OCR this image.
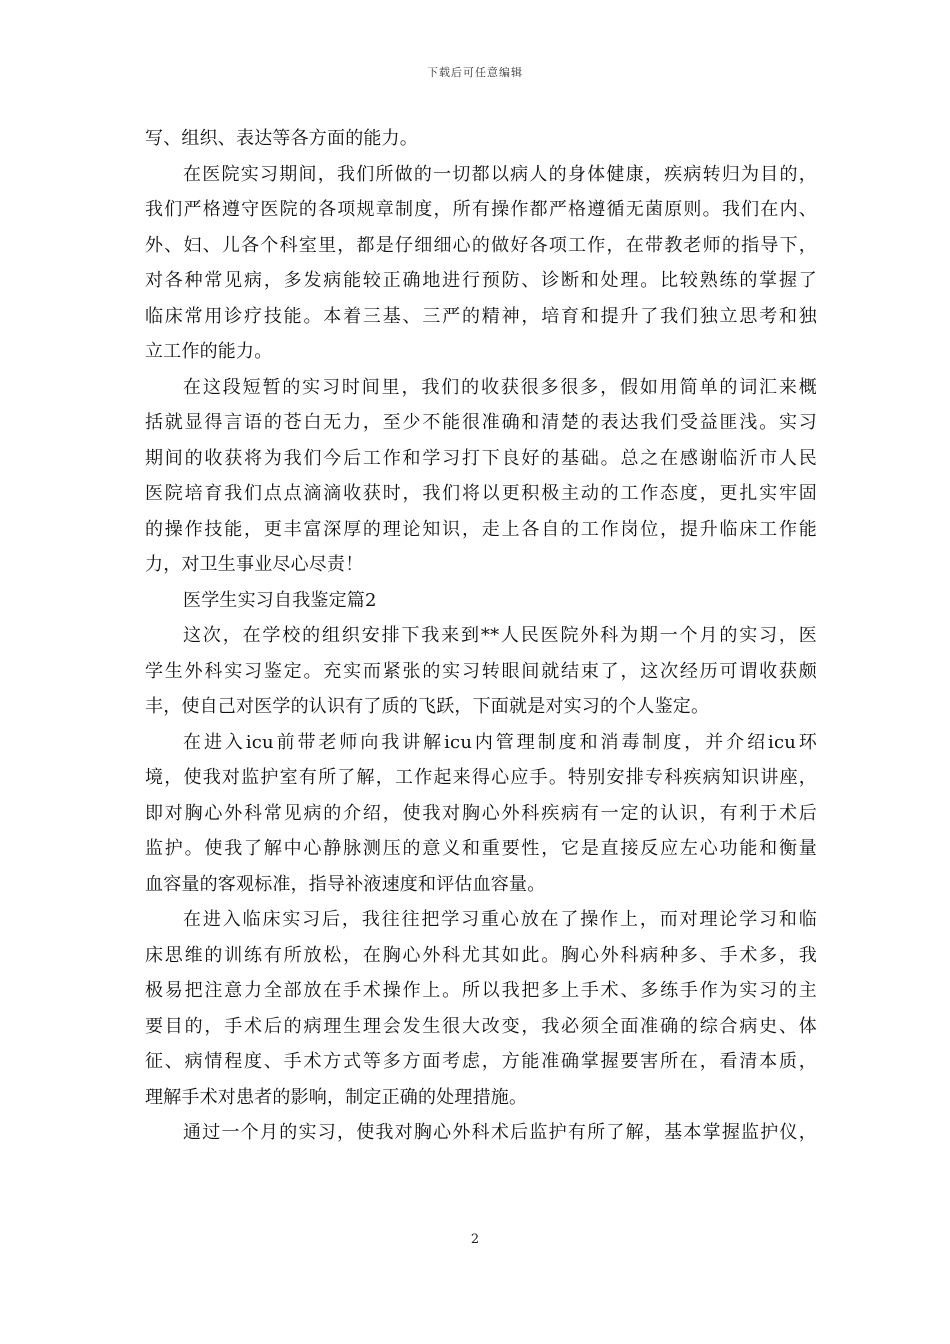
下载后可任意编辑
写、组织、表达等各方面的能力。
在医院实习期间，我们所做的一切都以病人的身体健康，疾病转归为目的，
我们严格遵守医院的各项规章制度，所有操作都严格遵循无菌原则。我们在内、
外、妇、儿各个科室里，都是仔细细心的做好各项工作，在带教老师的指导下，
对各种常见病，多发病能较正确地进行预防、诊断和处理。比较熟练的掌握了
临床常用诊疗技能。本着三基、三严的精神，培育和提升了我们独立思考和独
立工作的能力。
在这段短暂的实习时间里，我们的收获很多很多，假如用简单的词汇来概
括就显得言语的苍白无力，至少不能很准确和清楚的表达我们受益匪浅。实习
期间的收获将为我们今后工作和学习打下良好的基础。总之在感谢临沂市人民
医院培育我们点点滴滴收获时，我们将以更积极主动的工作态度，更扎实牢固
的操作技能，更丰富深厚的理论知识，走上各自的工作岗位，提升临床工作能
力，对卫生事业尽心尽责！
医学生实习自我鉴定篇2
这次，在学校的组织安排下我来到**人民医院外科为期一个月的实习，医
学生外科实习鉴定。充实而紧张的实习转眼间就结束了，这次经历可谓收获颇
丰，使自己对医学的认识有了质的飞跃，下面就是对实习的个人鉴定。
在进入icu前带老师向我讲解icu内管理制度和消毒制度，并介绍icu环
境，使我对监护室有所了解，工作起来得心应手。特别安排专科疾病知识讲座，
即对胸心外科常见病的介绍，使我对胸心外科疾病有一定的认识，有利于术后
监护。使我了解中心静脉测压的意义和重要性，它是直接反应左心功能和衡量
血容量的客观标准，指导补液速度和评估血容量。
在进入临床实习后，我往往把学习重心放在了操作上，而对理论学习和临
床思维的训练有所放松，在胸心外科尤其如此。胸心外科病种多、手术多，我
极易把注意力全部放在手术操作上。所以我把多上手术、多练手作为实习的主
要目的，手术后的病理生理会发生很大改变，我必须全面准确的综合病史、体
征、病情程度、手术方式等多方面考虑，方能准确掌握要害所在，看清本质，
理解手术对患者的影响，制定正确的处理措施。
通过一个月的实习，使我对胸心外科术后监护有所了解，基本掌握监护仪，
2
